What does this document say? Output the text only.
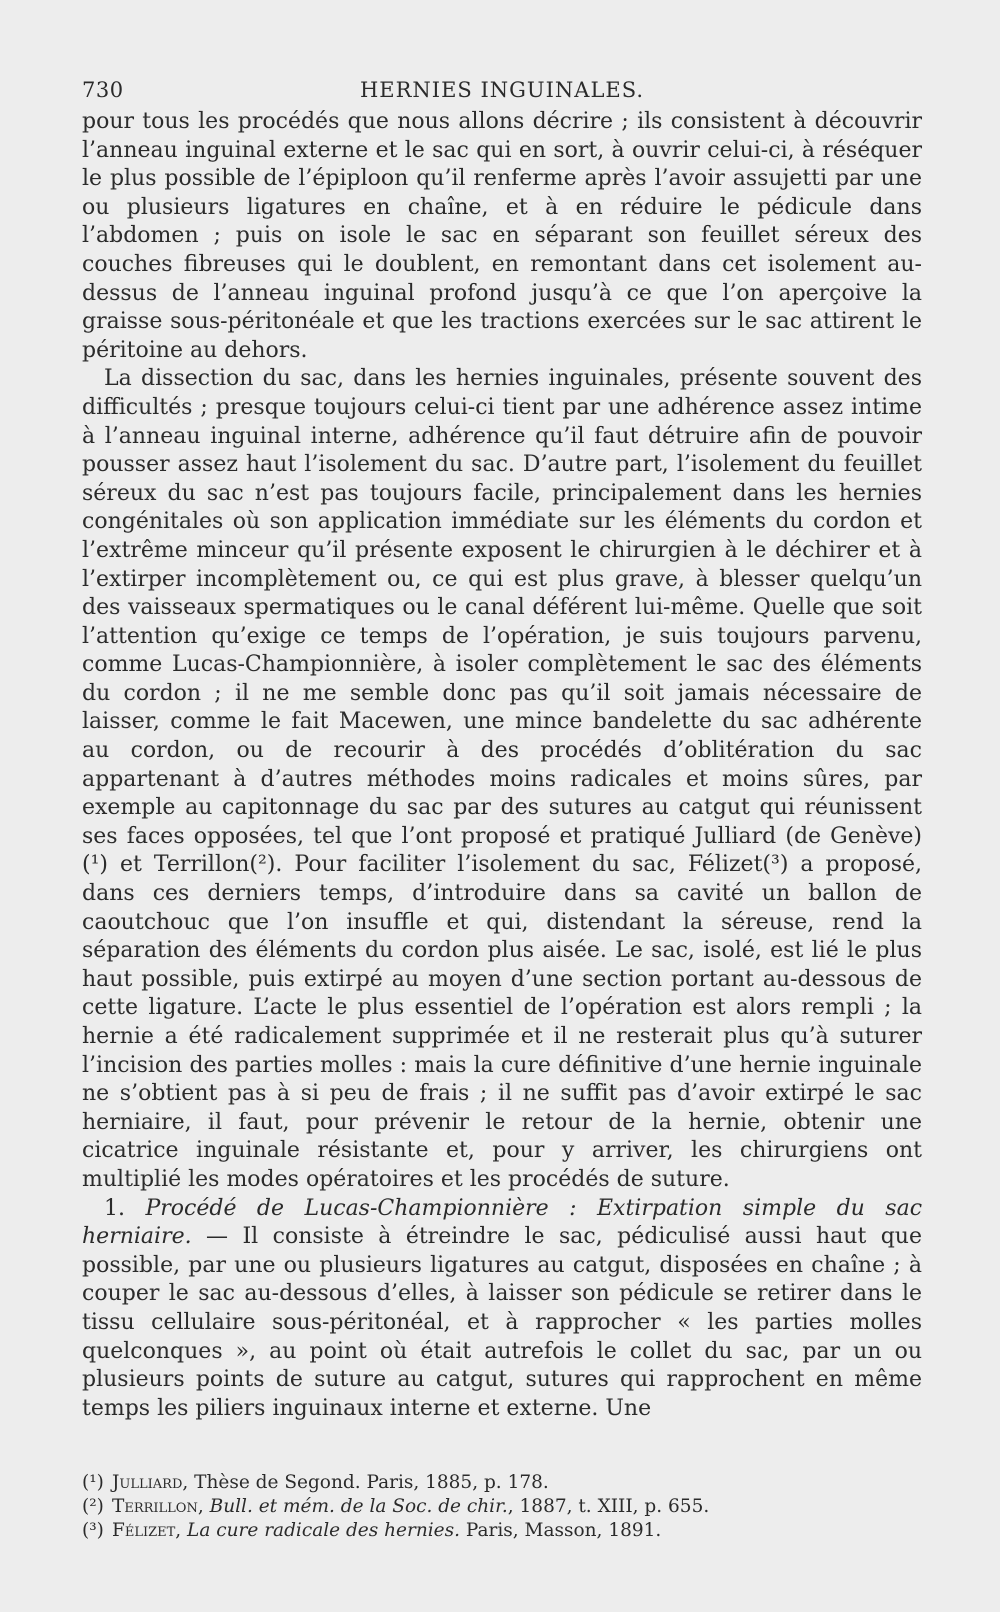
730	HERNIES INGUINALES.

pour tous les procédés que nous allons décrire ; ils consistent à découvrir l’anneau inguinal externe et le sac qui en sort, à ouvrir celui-ci, à réséquer le plus possible de l’épiploon qu’il renferme après l’avoir assujetti par une ou plusieurs ligatures en chaîne, et à en réduire le pédicule dans l’abdomen ; puis on isole le sac en séparant son feuillet séreux des couches fibreuses qui le doublent, en remontant dans cet isolement au-dessus de l’anneau inguinal profond jusqu’à ce que l’on aperçoive la graisse sous-péritonéale et que les tractions exercées sur le sac attirent le péritoine au dehors.

La dissection du sac, dans les hernies inguinales, présente souvent des difficultés ; presque toujours celui-ci tient par une adhérence assez intime à l’anneau inguinal interne, adhérence qu’il faut détruire afin de pouvoir pousser assez haut l’isolement du sac. D’autre part, l’isolement du feuillet séreux du sac n’est pas toujours facile, principalement dans les hernies congénitales où son application immédiate sur les éléments du cordon et l’extrême minceur qu’il présente exposent le chirurgien à le déchirer et à l’extirper incomplètement ou, ce qui est plus grave, à blesser quelqu’un des vaisseaux spermatiques ou le canal déférent lui-même. Quelle que soit l’attention qu’exige ce temps de l’opération, je suis toujours parvenu, comme Lucas-Championnière, à isoler complètement le sac des éléments du cordon ; il ne me semble donc pas qu’il soit jamais nécessaire de laisser, comme le fait Macewen, une mince bandelette du sac adhérente au cordon, ou de recourir à des procédés d’oblitération du sac appartenant à d’autres méthodes moins radicales et moins sûres, par exemple au capitonnage du sac par des sutures au catgut qui réunissent ses faces opposées, tel que l’ont proposé et pratiqué Julliard (de Genève)(¹) et Terrillon(²). Pour faciliter l’isolement du sac, Félizet(³) a proposé, dans ces derniers temps, d’introduire dans sa cavité un ballon de caoutchouc que l’on insuffle et qui, distendant la séreuse, rend la séparation des éléments du cordon plus aisée. Le sac, isolé, est lié le plus haut possible, puis extirpé au moyen d’une section portant au-dessous de cette ligature. L’acte le plus essentiel de l’opération est alors rempli ; la hernie a été radicalement supprimée et il ne resterait plus qu’à suturer l’incision des parties molles : mais la cure définitive d’une hernie inguinale ne s’obtient pas à si peu de frais ; il ne suffit pas d’avoir extirpé le sac herniaire, il faut, pour prévenir le retour de la hernie, obtenir une cicatrice inguinale résistante et, pour y arriver, les chirurgiens ont multiplié les modes opératoires et les procédés de suture.

1. Procédé de Lucas-Championnière : Extirpation simple du sac herniaire. — Il consiste à étreindre le sac, pédiculisé aussi haut que possible, par une ou plusieurs ligatures au catgut, disposées en chaîne ; à couper le sac au-dessous d’elles, à laisser son pédicule se retirer dans le tissu cellulaire sous-péritonéal, et à rapprocher « les parties molles quelconques », au point où était autrefois le collet du sac, par un ou plusieurs points de suture au catgut, sutures qui rapprochent en même temps les piliers inguinaux interne et externe. Une

(¹) Julliard, Thèse de Segond. Paris, 1885, p. 178.
(²) Terrillon, Bull. et mém. de la Soc. de chir., 1887, t. XIII, p. 655.
(³) Félizet, La cure radicale des hernies. Paris, Masson, 1891.
